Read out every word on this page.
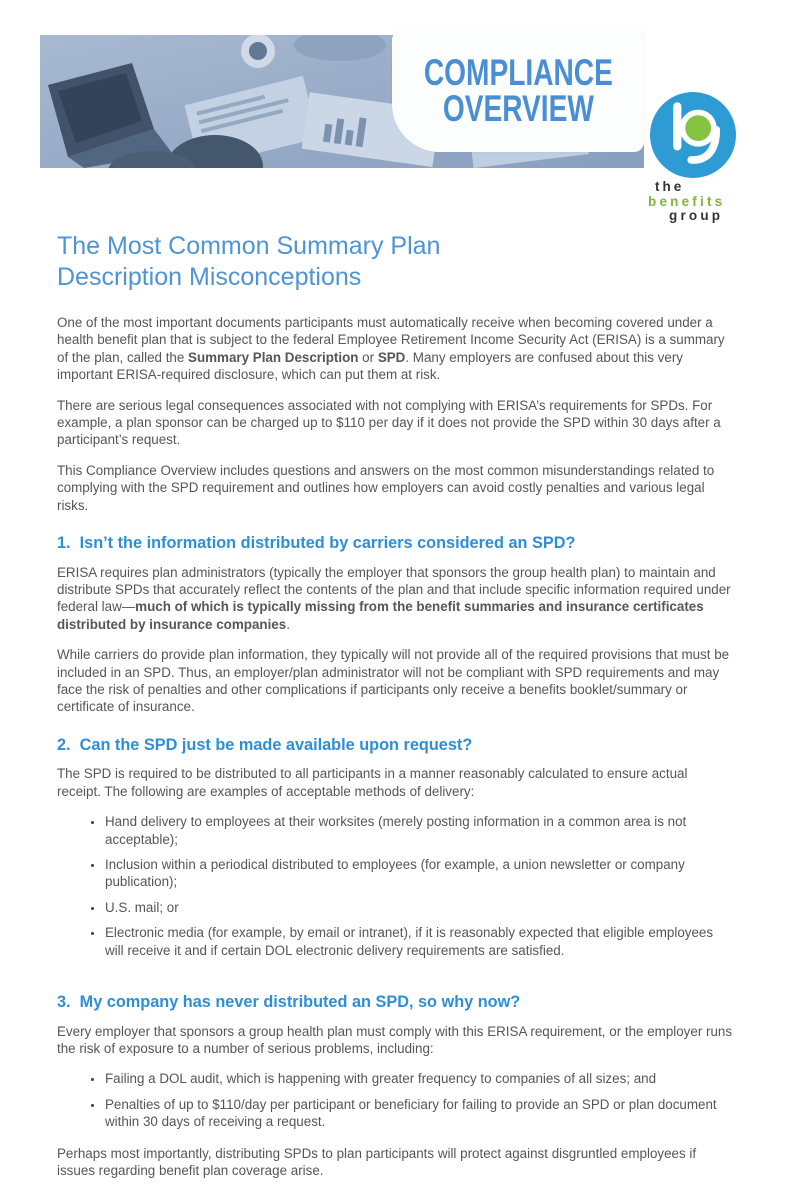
COMPLIANCE
OVERVIEW
the
benefits
group
The Most Common Summary Plan
Description Misconceptions

One of the most important documents participants must automatically receive when becoming covered under a health benefit plan that is subject to the federal Employee Retirement Income Security Act (ERISA) is a summary of the plan, called the Summary Plan Description or SPD. Many employers are confused about this very important ERISA-required disclosure, which can put them at risk.

There are serious legal consequences associated with not complying with ERISA’s requirements for SPDs. For example, a plan sponsor can be charged up to $110 per day if it does not provide the SPD within 30 days after a participant’s request.

This Compliance Overview includes questions and answers on the most common misunderstandings related to complying with the SPD requirement and outlines how employers can avoid costly penalties and various legal risks.

1.  Isn’t the information distributed by carriers considered an SPD?

ERISA requires plan administrators (typically the employer that sponsors the group health plan) to maintain and distribute SPDs that accurately reflect the contents of the plan and that include specific information required under federal law—much of which is typically missing from the benefit summaries and insurance certificates distributed by insurance companies.

While carriers do provide plan information, they typically will not provide all of the required provisions that must be included in an SPD. Thus, an employer/plan administrator will not be compliant with SPD requirements and may face the risk of penalties and other complications if participants only receive a benefits booklet/summary or certificate of insurance.

2.  Can the SPD just be made available upon request?

The SPD is required to be distributed to all participants in a manner reasonably calculated to ensure actual receipt. The following are examples of acceptable methods of delivery:

• Hand delivery to employees at their worksites (merely posting information in a common area is not acceptable);
• Inclusion within a periodical distributed to employees (for example, a union newsletter or company publication);
• U.S. mail; or
• Electronic media (for example, by email or intranet), if it is reasonably expected that eligible employees will receive it and if certain DOL electronic delivery requirements are satisfied.
3.  My company has never distributed an SPD, so why now?

Every employer that sponsors a group health plan must comply with this ERISA requirement, or the employer runs the risk of exposure to a number of serious problems, including:

• Failing a DOL audit, which is happening with greater frequency to companies of all sizes; and
• Penalties of up to $110/day per participant or beneficiary for failing to provide an SPD or plan document within 30 days of receiving a request.

Perhaps most importantly, distributing SPDs to plan participants will protect against disgruntled employees if issues regarding benefit plan coverage arise.
